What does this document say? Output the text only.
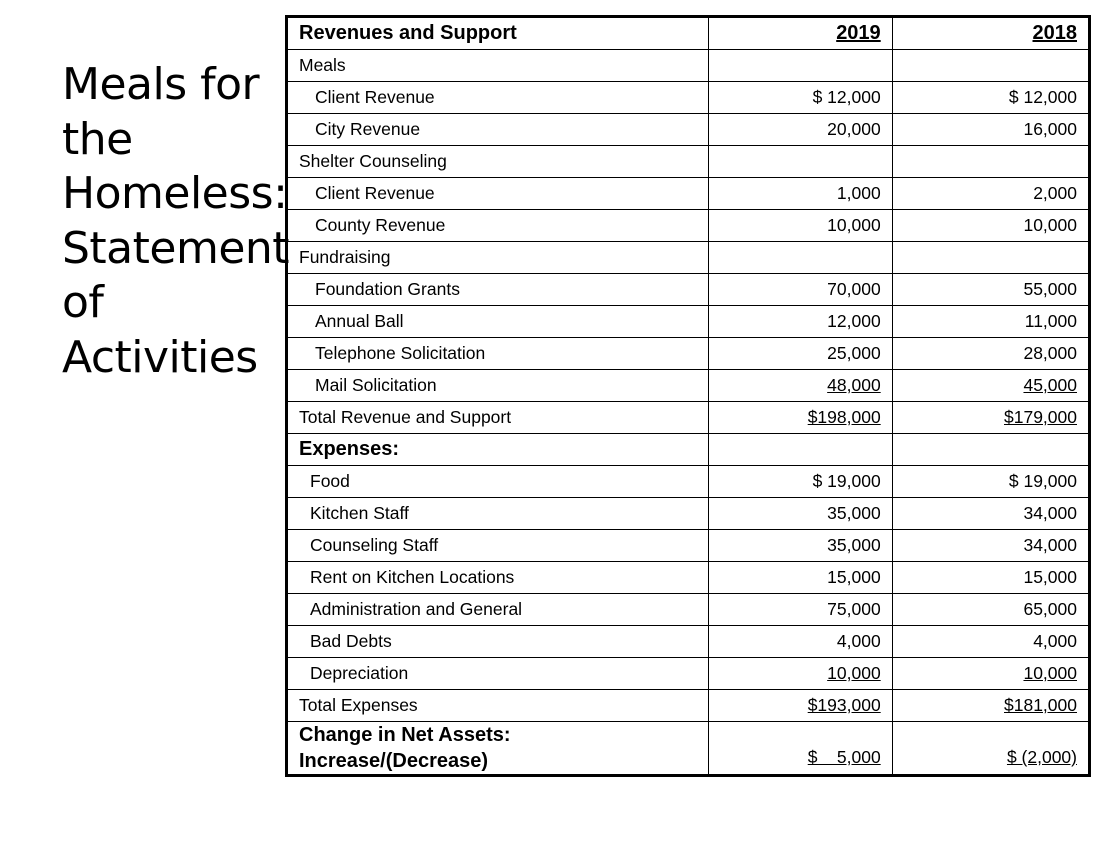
Meals for
the
Homeless:
Statement
of
Activities
Revenues and Support	2019	2018
Meals		
Client Revenue	$ 12,000	$ 12,000
City Revenue	20,000	16,000
Shelter Counseling		
Client Revenue	1,000	2,000
County Revenue	10,000	10,000
Fundraising		
Foundation Grants	70,000	55,000
Annual Ball	12,000	11,000
Telephone Solicitation	25,000	28,000
Mail Solicitation	48,000	45,000
Total Revenue and Support	$198,000	$179,000
Expenses:		
Food	$ 19,000	$ 19,000
Kitchen Staff	35,000	34,000
Counseling Staff	35,000	34,000
Rent on Kitchen Locations	15,000	15,000
Administration and General	75,000	65,000
Bad Debts	4,000	4,000
Depreciation	10,000	10,000
Total Expenses	$193,000	$181,000

Change in Net Assets:
Increase/(Decrease)	$    5,000	$ (2,000)
